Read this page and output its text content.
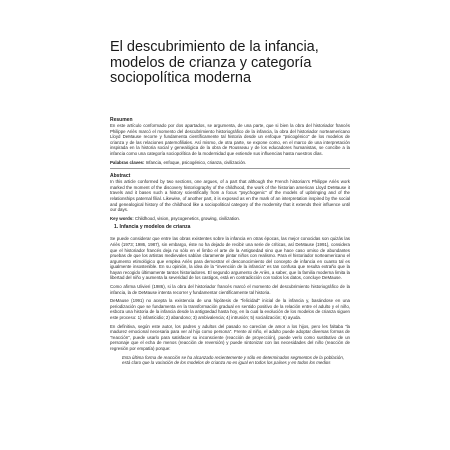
El descubrimiento de la infancia,
modelos de crianza y categoría
sociopolítica moderna

Resumen

En este artículo conformado por dos apartados, se argumenta, de una parte, que si bien la obra del historiador francés Philippe Ariès marcó el momento del descubrimiento historiográfico de la infancia, la obra del historiador norteamericano Lloyd DeMause recorre y fundamenta científicamente tal historia desde un enfoque "psicogénico" de los modelos de crianza y de las relaciones paternofiliales. Así mismo, de otra parte, se expone como, en el marco de una interpretación inspirada en la historia social y genealógica de la obra de Rousseau y de los educadores humanistas, se concibe a la infancia como una categoría sociopolítica de la modernidad que extiende sus influencias hasta nuestros días.

Palabras claves: Infancia, enfoque, psicogénico, crianza, civilización.

Abstract

In this article conformed by two sections, one argues, of a part that although the French historian's Philippe Ariès work marked the moment of the discovery historiography of the childhood, the work of the historian american Lloyd DeMause it travels and it bases such a history scientifically from a focus "psychogenic" of the models of upbringing and of the relationships paternal filial. Likewise, of another part, it is exposed as en the mark of an interpretation inspired by the social and genealogical history of the childhood like a sociopolitical category of the modernity that it extends their influence until our days.

Key words: Childhood, vision, psycogenetics, growing, civilization.

1. Infancia y modelos de crianza

Se puede considerar que entre las obras existentes sobre la infancia en otras épocas, las mejor conocidas son quizás las Ariès (1973; 1986, 1987), sin embargo, éste no ha dejado de recibir una serie de críticas, así DeMause (1991), considera que el historiador francés deja no sólo en el limbo el arte de la Antigüedad sino que hace caso omiso de abundantes pruebas de que los artistas medievales sabían claramente pintar niños con realismo. Para el historiador norteamericano el argumento etimológico que emplea Ariès para demostrar el desconocimiento del concepto de infancia en cuanto tal es igualmente insostenible. En su opinión, la idea de la "invención de la infancia" es tan confusa que resulta extraño que la hayan recogido últimamente tantos historiadores. El segundo argumento de Ariès, a saber, que la familia moderna limita la libertad del niño y aumenta la severidad de los castigos, está en contradicción con todos los datos, concluye DeMause.

Como afirma Ulivieri (1986), si la obra del historiador francés marcó el momento del descubrimiento historiográfico de la infancia, la de DeMause intenta recorrer y fundamentar científicamente tal historia.

DeMause (1991) no acepta la existencia de una hipótesis de "felicidad" inicial de la infancia y, basándose en una periodización que se fundamenta en la transformación gradual en sentido positivo de la relación entre el adulto y el niño, esboza una historia de la infancia desde la antigüedad hasta hoy, en la cual la evolución de los modelos de crianza siguen este proceso: 1) infanticidio; 2) abandono; 3) ambivalencia; 4) intrusión; 5) socialización; 6) ayuda.

En definitiva, según este autor, los padres y adultos del pasado no carecían de amor a los hijos, pero les faltaba "la madurez emocional necesaria para ver al hijo como persona". Frente al niño, el adulto puede adoptar diversas formas de "reacción", puede usarlo para satisfacer su inconsciente (reacción de proyección), puede verlo como sustitutivo de un personaje que el echa de menos (reacción de reversión) y puede sintonizar con las necesidades del niño (reacción de regresión por empatía) porque:

Esta última forma de reacción se ha alcanzado recientemente y sólo en determinados segmentos de la población, está claro que la variación de los modelos de crianza no es igual en todos los países y en todos los medios
